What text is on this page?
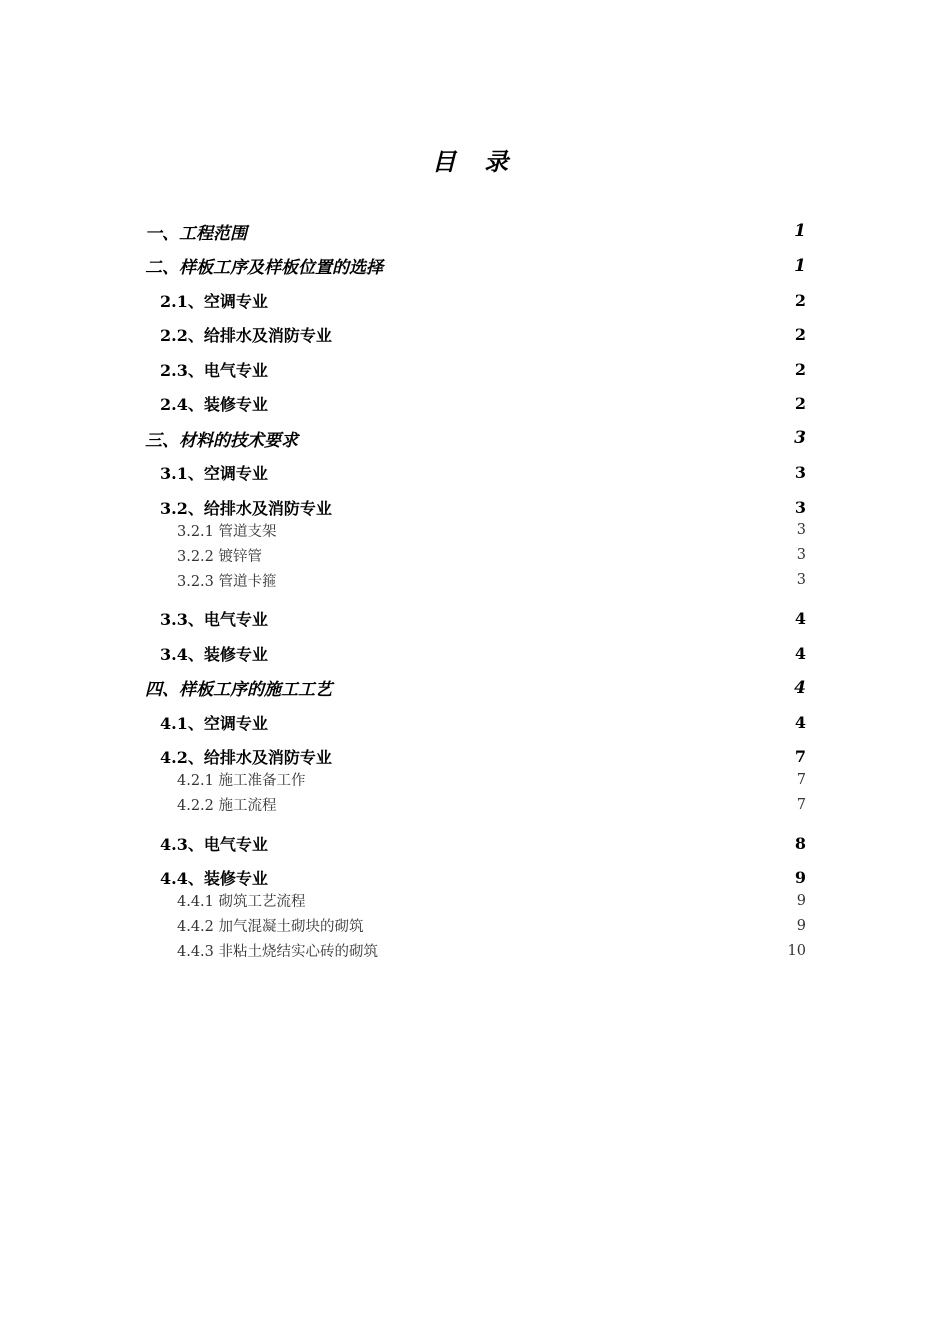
目 录
一、工程范围	1
二、样板工序及样板位置的选择	1
2.1、空调专业	2
2.2、给排水及消防专业	2
2.3、电气专业	2
2.4、装修专业	2
三、材料的技术要求	3
3.1、空调专业	3
3.2、给排水及消防专业	3
3.2.1 管道支架	3
3.2.2 镀锌管	3
3.2.3 管道卡箍	3
3.3、电气专业	4
3.4、装修专业	4
四、样板工序的施工工艺	4
4.1、空调专业	4
4.2、给排水及消防专业	7
4.2.1 施工准备工作	7
4.2.2 施工流程	7
4.3、电气专业	8
4.4、装修专业	9
4.4.1 砌筑工艺流程	9
4.4.2 加气混凝土砌块的砌筑	9
4.4.3 非粘土烧结实心砖的砌筑	10
